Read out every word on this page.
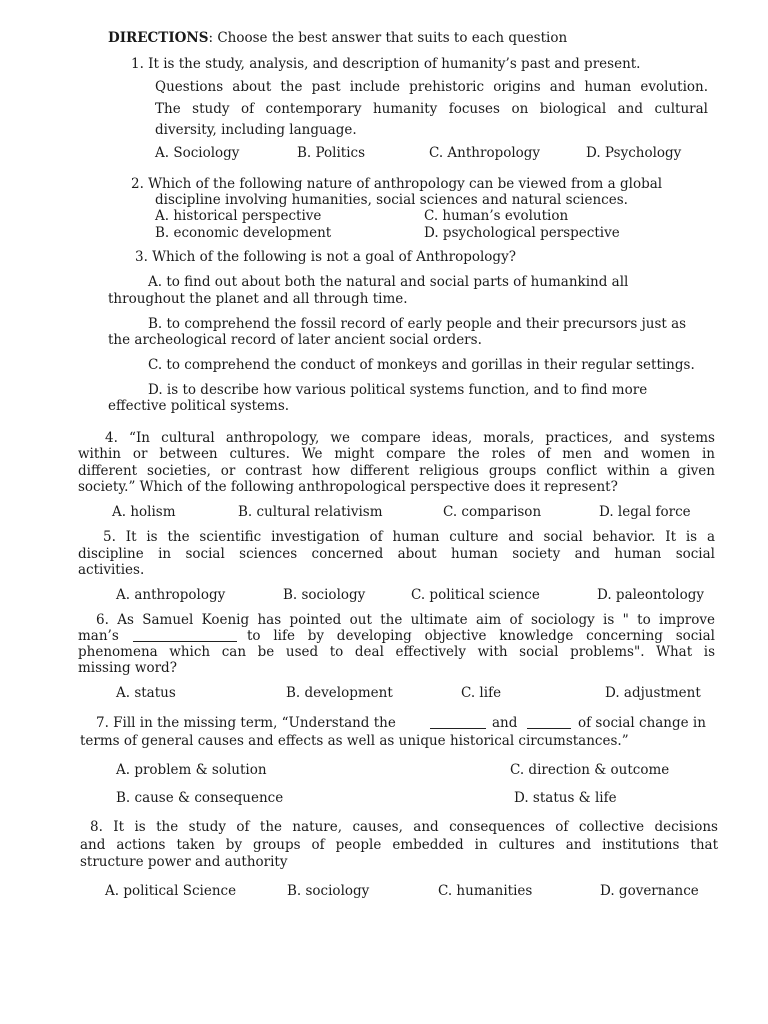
DIRECTIONS: Choose the best answer that suits to each question
1. It is the study, analysis, and description of humanity’s past and present.
Questions about the past include prehistoric origins and human evolution.
The study of contemporary humanity focuses on biological and cultural
diversity, including language.
A. Sociology	B. Politics	C. Anthropology	D. Psychology
2. Which of the following nature of anthropology can be viewed from a global
discipline involving humanities, social sciences and natural sciences.
A. historical perspective	C. human’s evolution
B. economic development	D. psychological perspective
3. Which of the following is not a goal of Anthropology?
A. to find out about both the natural and social parts of humankind all
throughout the planet and all through time.
B. to comprehend the fossil record of early people and their precursors just as
the archeological record of later ancient social orders.
C. to comprehend the conduct of monkeys and gorillas in their regular settings.
D. is to describe how various political systems function, and to find more
effective political systems.
4. “In cultural anthropology, we compare ideas, morals, practices, and systems
within or between cultures. We might compare the roles of men and women in
different societies, or contrast how different religious groups conflict within a given
society.” Which of the following anthropological perspective does it represent?
A. holism	B. cultural relativism	C. comparison	D. legal force
5. It is the scientific investigation of human culture and social behavior. It is a
discipline in social sciences concerned about human society and human social
activities.
A. anthropology	B. sociology	C. political science	D. paleontology
6. As Samuel Koenig has pointed out the ultimate aim of sociology is " to improve
man’s	to life by developing objective knowledge concerning social
phenomena which can be used to deal effectively with social problems". What is
missing word?
A. status	B. development	C. life	D. adjustment
7. Fill in the missing term, “Understand the	and	of social change in
terms of general causes and effects as well as unique historical circumstances.”
A. problem & solution	C. direction & outcome
B. cause & consequence	D. status & life
8. It is the study of the nature, causes, and consequences of collective decisions
and actions taken by groups of people embedded in cultures and institutions that
structure power and authority
A. political Science	B. sociology	C. humanities	D. governance
